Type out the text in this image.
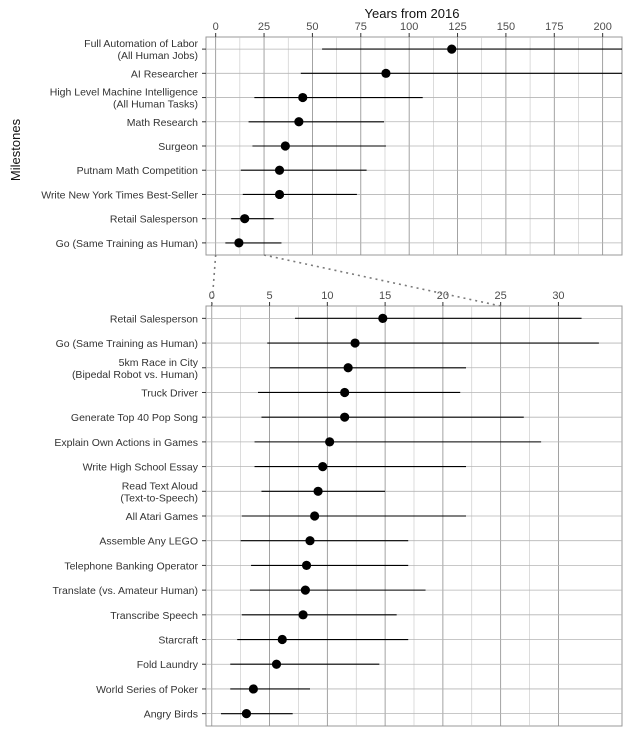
0	25	50	75	100	125	150	175	200
Full Automation of Labor
(All Human Jobs)
AI Researcher
High Level Machine Intelligence
(All Human Tasks)
Math Research
Surgeon
Putnam Math Competition
Write New York Times Best-Seller
Retail Salesperson
Go (Same Training as Human)
0	5	10	15	20	25	30
Retail Salesperson
Go (Same Training as Human)
5km Race in City
(Bipedal Robot vs. Human)
Truck Driver
Generate Top 40 Pop Song
Explain Own Actions in Games
Write High School Essay
Read Text Aloud
(Text-to-Speech)
All Atari Games
Assemble Any LEGO
Telephone Banking Operator
Translate (vs. Amateur Human)
Transcribe Speech
Starcraft
Fold Laundry
World Series of Poker
Angry Birds
Years from 2016
Milestones
